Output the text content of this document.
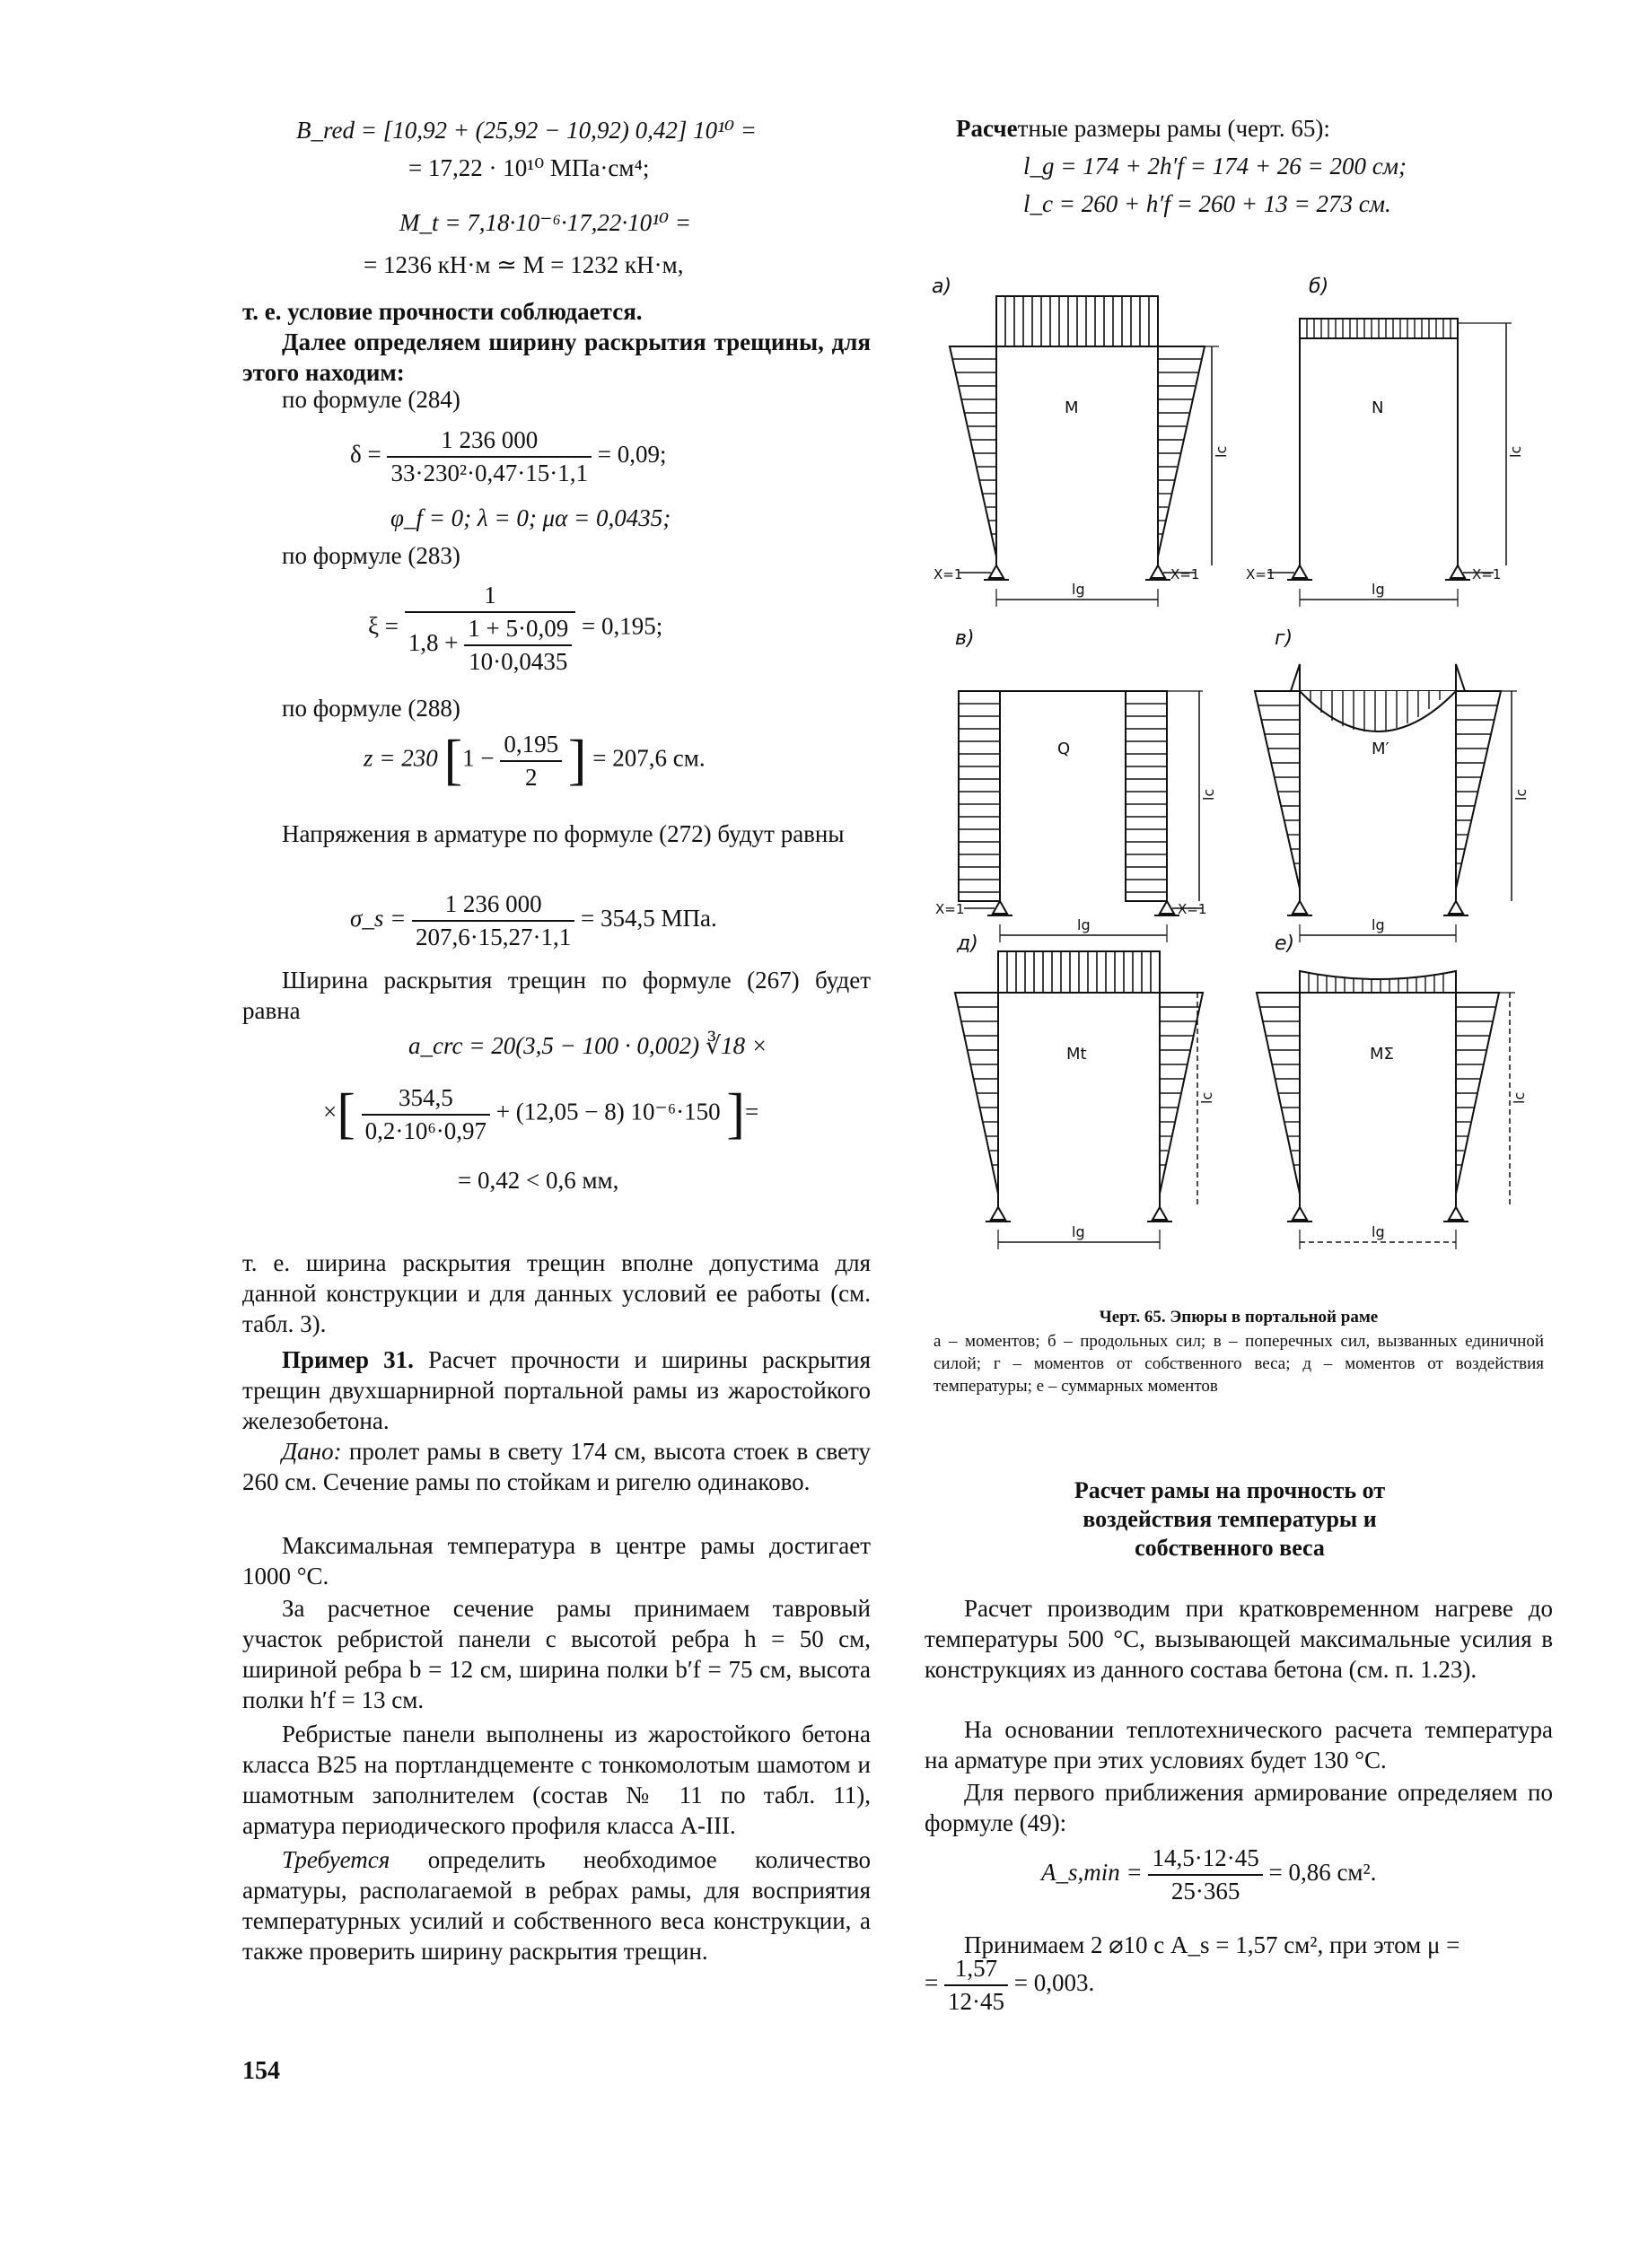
B_red = [10,92 + (25,92 − 10,92) 0,42] 10¹⁰ =
= 17,22 · 10¹⁰ МПа·см⁴;
M_t = 7,18·10⁻⁶·17,22·10¹⁰ =
= 1236 кН·м ≃ M = 1232 кН·м,
т. е. условие прочности соблюдается.
Далее определяем ширину раскрытия трещины, для этого находим:
по формуле (284)
$\delta = \frac{1 236 000}{\text{33·230²·0,47·15·1,1}} = 0,09$;
φ_f = 0; λ = 0; μα = 0,0435;
по формуле (283)
$\xi = \frac{1}{1,8 + \frac{1 + 5\cdot 0,09}{10\cdot 0,0435}} = 0,195$;
по формуле (288)
z = 230 [$1 - \frac{0,195}{2}$ ] = 207,6 см.
Напряжения в арматуре по формуле (272) будут равны
σ_s = $\frac{1 236 000}{207,6\cdot 15,27\cdot 1,1} = 354,5$ МПа.
Ширина раскрытия трещин по формуле (267) будет равна
a_crc = 20(3,5 − 100 · 0,002) ∛18 ×
×[ $\frac{354,5}{\text{0,2·10⁶·0,97}} + (12,05 - 8)$ 10⁻⁶·150 ]=
= 0,42 < 0,6 мм,
т. е. ширина раскрытия трещин вполне допустима для данной конструкции и для данных условий ее работы (см. табл. 3).
Пример 31. Расчет прочности и ширины раскрытия трещин двухшарнирной портальной рамы из жаростойкого железобетона.
Дано: пролет рамы в свету 174 см, высота стоек в свету 260 см. Сечение рамы по стойкам и ригелю одинаково.
Максимальная температура в центре рамы достигает 1000 °С.
За расчетное сечение рамы принимаем тавровый участок ребристой панели с высотой ребра h = 50 см, шириной ребра b = 12 см, ширина полки b′f = 75 см, высота полки h′f = 13 см.
Ребристые панели выполнены из жаростойкого бетона класса В25 на портландцементе с тонкомолотым шамотом и шамотным заполнителем (состав № 11 по табл. 11), арматура периодического профиля класса А-III.
Требуется определить необходимое количество арматуры, располагаемой в ребрах рамы, для восприятия температурных усилий и собственного веса конструкции, а также проверить ширину раскрытия трещин.
154
Расчетные размеры рамы (черт. 65):
l_g = 174 + 2h′f = 174 + 26 = 200 см;
l_c = 260 + h′f = 260 + 13 = 273 см.
а)	б)
в)	г)
д)	е)
M	N
Q	M′
Mt	MΣ
X=1	X=1	X=1	X=1
X=1	X=1
lg	lg
lg	lg
lg	lg
lc	lc
lc	lc
lc	lc
Черт. 65. Эпюры в портальной раме
а – моментов; б – продольных сил; в – поперечных сил, вызванных единичной силой; г – моментов от собственного веса; д – моментов от воздействия температуры; е – суммарных моментов
Расчет рамы на прочность от воздействия температуры и собственного веса
Расчет производим при кратковременном нагреве до температуры 500 °С, вызывающей максимальные усилия в конструкциях из данного состава бетона (см. п. 1.23).
На основании теплотехнического расчета температура на арматуре при этих условиях будет 130 °С.
Для первого приближения армирование определяем по формуле (49):
A_s,min = $\frac{14,5\cdot 12\cdot 45}{25\cdot 365} = 0,86$ см².
Принимаем 2 ⌀10 с A_s = 1,57 см², при этом μ =
= $\frac{1,57}{12\cdot 45} = 0,003$.
